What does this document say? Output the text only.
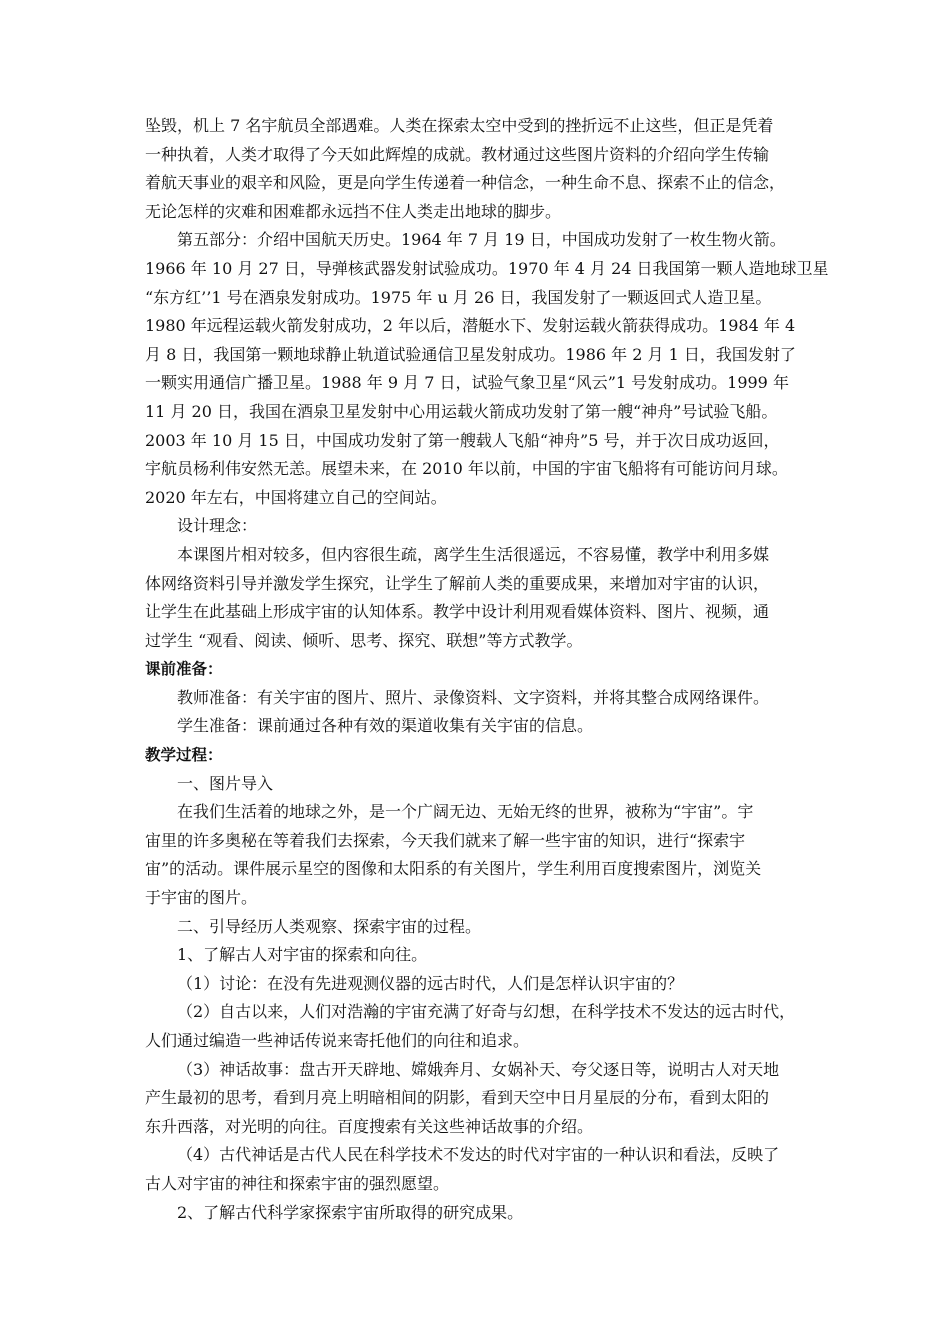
坠毁，机上 7 名宇航员全部遇难。人类在探索太空中受到的挫折远不止这些，但正是凭着
一种执着，人类才取得了今天如此辉煌的成就。教材通过这些图片资料的介绍向学生传输
着航天事业的艰辛和风险，更是向学生传递着一种信念，一种生命不息、探索不止的信念，
无论怎样的灾难和困难都永远挡不住人类走出地球的脚步。

第五部分：介绍中国航天历史。1964 年 7 月 19 日，中国成功发射了一枚生物火箭。
1966 年 10 月 27 日，导弹核武器发射试验成功。1970 年 4 月 24 日我国第一颗人造地球卫星
“东方红’’1 号在酒泉发射成功。1975 年 u 月 26 日，我国发射了一颗返回式人造卫星。
1980 年远程运载火箭发射成功，2 年以后，潜艇水下、发射运载火箭获得成功。1984 年 4
月 8 日，我国第一颗地球静止轨道试验通信卫星发射成功。1986 年 2 月 1 日，我国发射了
一颗实用通信广播卫星。1988 年 9 月 7 日，试验气象卫星“风云”1 号发射成功。1999 年
11 月 20 日，我国在酒泉卫星发射中心用运载火箭成功发射了第一艘“神舟”号试验飞船。
2003 年 10 月 15 日，中国成功发射了第一艘载人飞船“神舟”5 号，并于次日成功返回，
宇航员杨利伟安然无恙。展望未来，在 2010 年以前，中国的宇宙飞船将有可能访问月球。
2020 年左右，中国将建立自己的空间站。

设计理念：

本课图片相对较多，但内容很生疏，离学生生活很遥远，不容易懂，教学中利用多媒
体网络资料引导并激发学生探究，让学生了解前人类的重要成果，来增加对宇宙的认识，
让学生在此基础上形成宇宙的认知体系。教学中设计利用观看媒体资料、图片、视频，通
过学生 “观看、阅读、倾听、思考、探究、联想”等方式教学。

课前准备：

教师准备：有关宇宙的图片、照片、录像资料、文字资料，并将其整合成网络课件。

学生准备：课前通过各种有效的渠道收集有关宇宙的信息。

教学过程：

一、图片导入

在我们生活着的地球之外，是一个广阔无边、无始无终的世界，被称为“宇宙”。宇
宙里的许多奥秘在等着我们去探索，今天我们就来了解一些宇宙的知识，进行“探索宇
宙”的活动。课件展示星空的图像和太阳系的有关图片，学生利用百度搜索图片，浏览关
于宇宙的图片。

二、引导经历人类观察、探索宇宙的过程。

1、了解古人对宇宙的探索和向往。

（1）讨论：在没有先进观测仪器的远古时代，人们是怎样认识宇宙的？

（2）自古以来，人们对浩瀚的宇宙充满了好奇与幻想，在科学技术不发达的远古时代，
人们通过编造一些神话传说来寄托他们的向往和追求。

（3）神话故事：盘古开天辟地、嫦娥奔月、女娲补天、夸父逐日等，说明古人对天地
产生最初的思考，看到月亮上明暗相间的阴影，看到天空中日月星辰的分布，看到太阳的
东升西落，对光明的向往。百度搜索有关这些神话故事的介绍。

（4）古代神话是古代人民在科学技术不发达的时代对宇宙的一种认识和看法，反映了
古人对宇宙的神往和探索宇宙的强烈愿望。

2、了解古代科学家探索宇宙所取得的研究成果。
